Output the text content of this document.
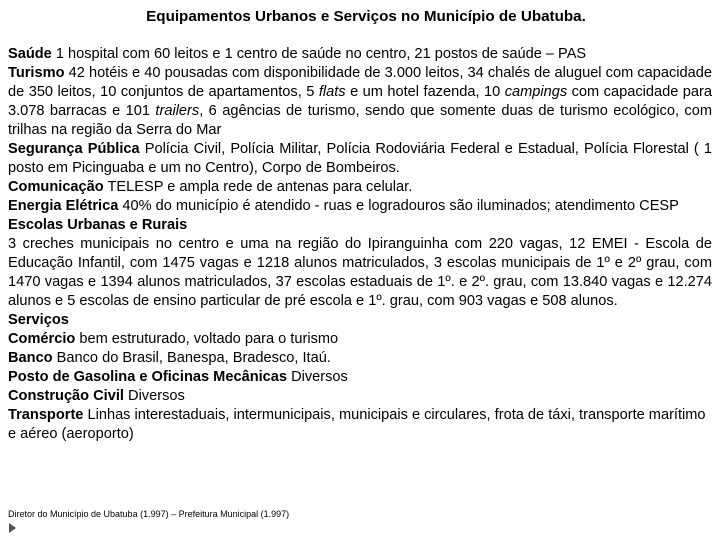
Equipamentos Urbanos e Serviços no Município de Ubatuba.
Saúde 1 hospital com 60 leitos e 1 centro de saúde no centro, 21 postos de saúde – PAS
Turismo 42 hotéis e 40 pousadas com disponibilidade de 3.000 leitos, 34 chalés de aluguel com capacidade de 350 leitos, 10 conjuntos de apartamentos, 5 flats e um hotel fazenda, 10 campings com capacidade para 3.078 barracas e 101 trailers, 6 agências de turismo, sendo que somente duas de turismo ecológico, com trilhas na região da Serra do Mar
Segurança Pública Polícia Civil, Polícia Militar, Polícia Rodoviária Federal e Estadual, Polícia Florestal ( 1 posto em Picinguaba e um no Centro), Corpo de Bombeiros.
Comunicação TELESP e ampla rede de antenas para celular.
Energia Elétrica 40% do município é atendido - ruas e logradouros são iluminados; atendimento CESP
Escolas Urbanas e Rurais
3 creches municipais no centro e uma na região do Ipiranguinha com 220 vagas, 12 EMEI - Escola de Educação Infantil, com 1475 vagas e 1218 alunos matriculados, 3 escolas municipais de 1º e 2º grau, com 1470 vagas e 1394 alunos matriculados, 37 escolas estaduais de 1º. e 2º. grau, com 13.840 vagas e 12.274 alunos e 5 escolas de ensino particular de pré escola e 1º. grau, com 903 vagas e 508 alunos.
Serviços
Comércio bem estruturado, voltado para o turismo
Banco Banco do Brasil, Banespa, Bradesco, Itaú.
Posto de Gasolina e Oficinas Mecânicas Diversos
Construção Civil Diversos
Transporte Linhas interestaduais, intermunicipais, municipais e circulares, frota de táxi, transporte marítimo e aéreo (aeroporto)
Diretor do Município de Ubatuba (1.997) – Prefeitura Municipal (1.997)
